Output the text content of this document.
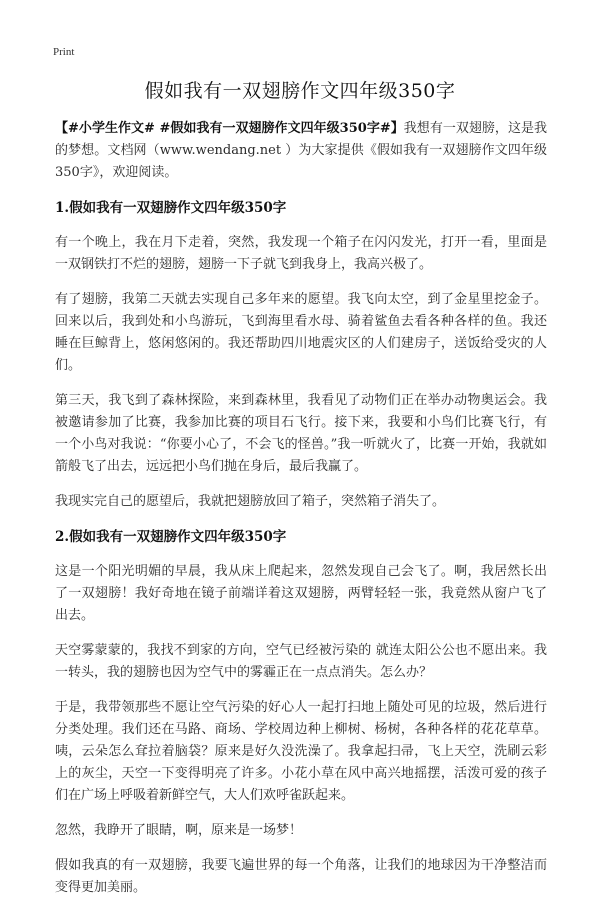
Print
假如我有一双翅膀作文四年级350字

【#小学生作文# #假如我有一双翅膀作文四年级350字#】我想有一双翅膀，这是我的梦想。文档网（www.wendang.net ）为大家提供《假如我有一双翅膀作文四年级350字》，欢迎阅读。

1.假如我有一双翅膀作文四年级350字

有一个晚上，我在月下走着，突然，我发现一个箱子在闪闪发光，打开一看，里面是一双钢铁打不烂的翅膀，翅膀一下子就飞到我身上，我高兴极了。

有了翅膀，我第二天就去实现自己多年来的愿望。我飞向太空，到了金星里挖金子。回来以后，我到处和小鸟游玩，飞到海里看水母、骑着鲨鱼去看各种各样的鱼。我还睡在巨鲸背上，悠闲悠闲的。我还帮助四川地震灾区的人们建房子，送饭给受灾的人们。

第三天，我飞到了森林探险，来到森林里，我看见了动物们正在举办动物奥运会。我被邀请参加了比赛，我参加比赛的项目石飞行。接下来，我要和小鸟们比赛飞行，有一个小鸟对我说：“你要小心了，不会飞的怪兽。”我一听就火了，比赛一开始，我就如箭般飞了出去，远远把小鸟们抛在身后，最后我赢了。

我现实完自己的愿望后，我就把翅膀放回了箱子，突然箱子消失了。

2.假如我有一双翅膀作文四年级350字

这是一个阳光明媚的早晨，我从床上爬起来，忽然发现自己会飞了。啊，我居然长出了一双翅膀！我好奇地在镜子前端详着这双翅膀，两臂轻轻一张，我竟然从窗户飞了出去。

天空雾蒙蒙的，我找不到家的方向，空气已经被污染的 就连太阳公公也不愿出来。我一转头，我的翅膀也因为空气中的雾霾正在一点点消失。怎么办？

于是，我带领那些不愿让空气污染的好心人一起打扫地上随处可见的垃圾，然后进行分类处理。我们还在马路、商场、学校周边种上柳树、杨树，各种各样的花花草草。咦，云朵怎么耷拉着脑袋？原来是好久没洗澡了。我拿起扫帚，飞上天空，洗刷云彩上的灰尘，天空一下变得明亮了许多。小花小草在风中高兴地摇摆，活泼可爱的孩子们在广场上呼吸着新鲜空气，大人们欢呼雀跃起来。

忽然，我睁开了眼睛，啊，原来是一场梦！

假如我真的有一双翅膀，我要飞遍世界的每一个角落，让我们的地球因为干净整洁而变得更加美丽。
